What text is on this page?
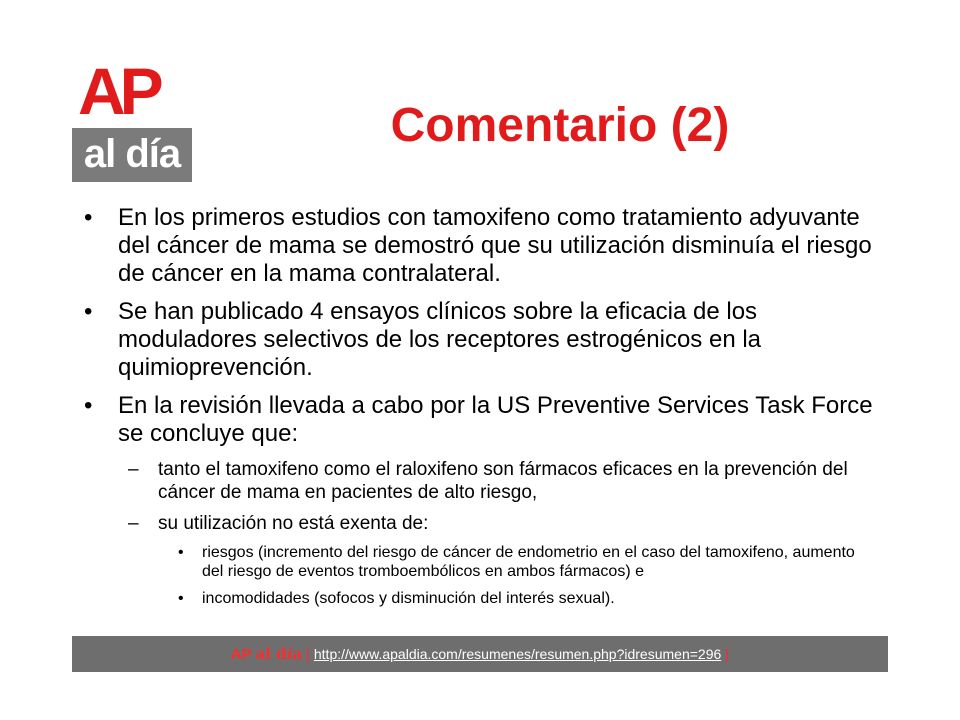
AP
al día
Comentario (2)
• En los primeros estudios con tamoxifeno como tratamiento adyuvante del cáncer de mama se demostró que su utilización disminuía el riesgo de cáncer en la mama contralateral.
• Se han publicado 4 ensayos clínicos sobre la eficacia de los moduladores selectivos de los receptores estrogénicos en la quimioprevención.
• En la revisión llevada a cabo por la US Preventive Services Task Force se concluye que:
– tanto el tamoxifeno como el raloxifeno son fármacos eficaces en la prevención del cáncer de mama en pacientes de alto riesgo,
– su utilización no está exenta de:
• riesgos (incremento del riesgo de cáncer de endometrio en el caso del tamoxifeno, aumento del riesgo de eventos tromboembólicos en ambos fármacos) e
• incomodidades (sofocos y disminución del interés sexual).
AP al día [ http://www.apaldia.com/resumenes/resumen.php?idresumen=296 ]
